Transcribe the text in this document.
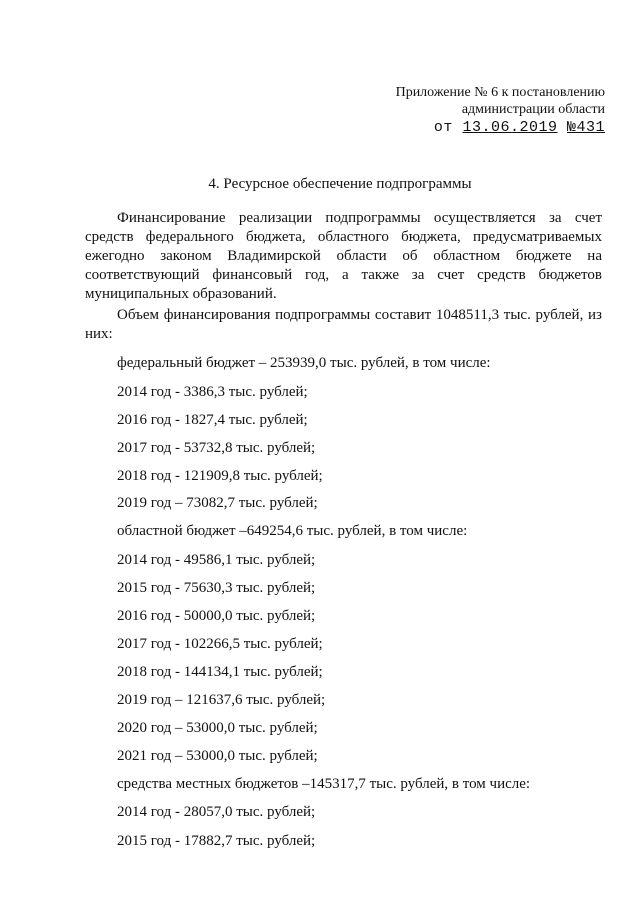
Приложение № 6 к постановлению
администрации области
от 13.06.2019 №431
4. Ресурсное обеспечение подпрограммы
Финансирование реализации подпрограммы осуществляется за счет средств федерального бюджета, областного бюджета, предусматриваемых ежегодно законом Владимирской области об областном бюджете на соответствующий финансовый год, а также за счет средств бюджетов муниципальных образований.
Объем финансирования подпрограммы составит 1048511,3 тыс. рублей, из них:
федеральный бюджет – 253939,0 тыс. рублей, в том числе:
2014 год - 3386,3 тыс. рублей;
2016 год - 1827,4 тыс. рублей;
2017 год - 53732,8 тыс. рублей;
2018 год - 121909,8 тыс. рублей;
2019 год – 73082,7 тыс. рублей;
областной бюджет –649254,6 тыс. рублей, в том числе:
2014 год - 49586,1 тыс. рублей;
2015 год - 75630,3 тыс. рублей;
2016 год - 50000,0 тыс. рублей;
2017 год - 102266,5 тыс. рублей;
2018 год - 144134,1 тыс. рублей;
2019 год – 121637,6 тыс. рублей;
2020 год – 53000,0 тыс. рублей;
2021 год – 53000,0 тыс. рублей;
средства местных бюджетов –145317,7 тыс. рублей, в том числе:
2014 год - 28057,0 тыс. рублей;
2015 год - 17882,7 тыс. рублей;
